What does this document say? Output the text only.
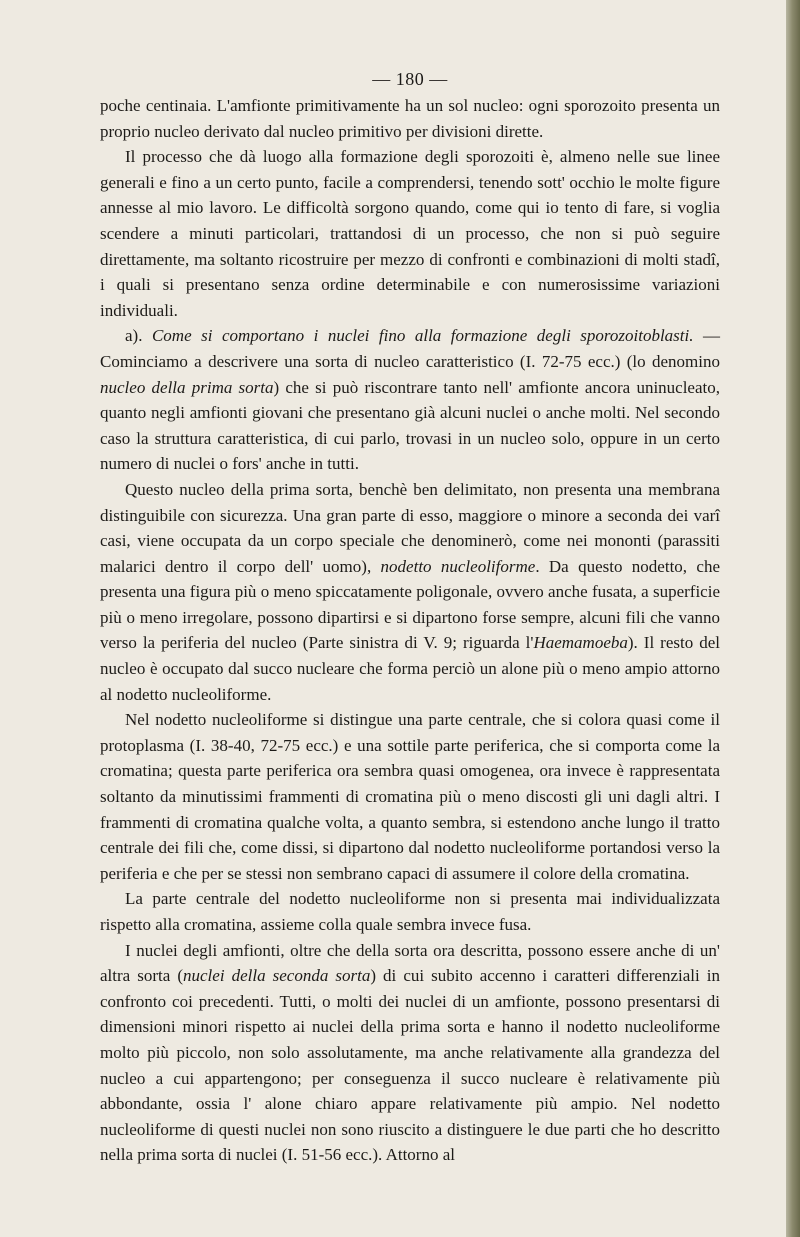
— 180 —

poche centinaia. L'amfionte primitivamente ha un sol nucleo: ogni sporozoito presenta un proprio nucleo derivato dal nucleo primitivo per divisioni dirette.

Il processo che dà luogo alla formazione degli sporozoiti è, almeno nelle sue linee generali e fino a un certo punto, facile a comprendersi, tenendo sott' occhio le molte figure annesse al mio lavoro. Le difficoltà sorgono quando, come qui io tento di fare, si voglia scendere a minuti particolari, trattandosi di un processo, che non si può seguire direttamente, ma soltanto ricostruire per mezzo di confronti e combinazioni di molti stadî, i quali si presentano senza ordine determinabile e con numerosissime variazioni individuali.

a). Come si comportano i nuclei fino alla formazione degli sporozoitoblasti. — Cominciamo a descrivere una sorta di nucleo caratteristico (I. 72-75 ecc.) (lo denomino nucleo della prima sorta) che si può riscontrare tanto nell' amfionte ancora uninucleato, quanto negli amfionti giovani che presentano già alcuni nuclei o anche molti. Nel secondo caso la struttura caratteristica, di cui parlo, trovasi in un nucleo solo, oppure in un certo numero di nuclei o fors' anche in tutti.

Questo nucleo della prima sorta, benchè ben delimitato, non presenta una membrana distinguibile con sicurezza. Una gran parte di esso, maggiore o minore a seconda dei varî casi, viene occupata da un corpo speciale che denominerò, come nei mononti (parassiti malarici dentro il corpo dell' uomo), nodetto nucleoliforme. Da questo nodetto, che presenta una figura più o meno spiccatamente poligonale, ovvero anche fusata, a superficie più o meno irregolare, possono dipartirsi e si dipartono forse sempre, alcuni fili che vanno verso la periferia del nucleo (Parte sinistra di V. 9; riguarda l'Haemamoeba). Il resto del nucleo è occupato dal succo nucleare che forma perciò un alone più o meno ampio attorno al nodetto nucleoliforme.

Nel nodetto nucleoliforme si distingue una parte centrale, che si colora quasi come il protoplasma (I. 38-40, 72-75 ecc.) e una sottile parte periferica, che si comporta come la cromatina; questa parte periferica ora sembra quasi omogenea, ora invece è rappresentata soltanto da minutissimi frammenti di cromatina più o meno discosti gli uni dagli altri. I frammenti di cromatina qualche volta, a quanto sembra, si estendono anche lungo il tratto centrale dei fili che, come dissi, si dipartono dal nodetto nucleoliforme portandosi verso la periferia e che per se stessi non sembrano capaci di assumere il colore della cromatina.

La parte centrale del nodetto nucleoliforme non si presenta mai individualizzata rispetto alla cromatina, assieme colla quale sembra invece fusa.

I nuclei degli amfionti, oltre che della sorta ora descritta, possono essere anche di un' altra sorta (nuclei della seconda sorta) di cui subito accenno i caratteri differenziali in confronto coi precedenti. Tutti, o molti dei nuclei di un amfionte, possono presentarsi di dimensioni minori rispetto ai nuclei della prima sorta e hanno il nodetto nucleoliforme molto più piccolo, non solo assolutamente, ma anche relativamente alla grandezza del nucleo a cui appartengono; per conseguenza il succo nucleare è relativamente più abbondante, ossia l' alone chiaro appare relativamente più ampio. Nel nodetto nucleoliforme di questi nuclei non sono riuscito a distinguere le due parti che ho descritto nella prima sorta di nuclei (I. 51-56 ecc.). Attorno al
